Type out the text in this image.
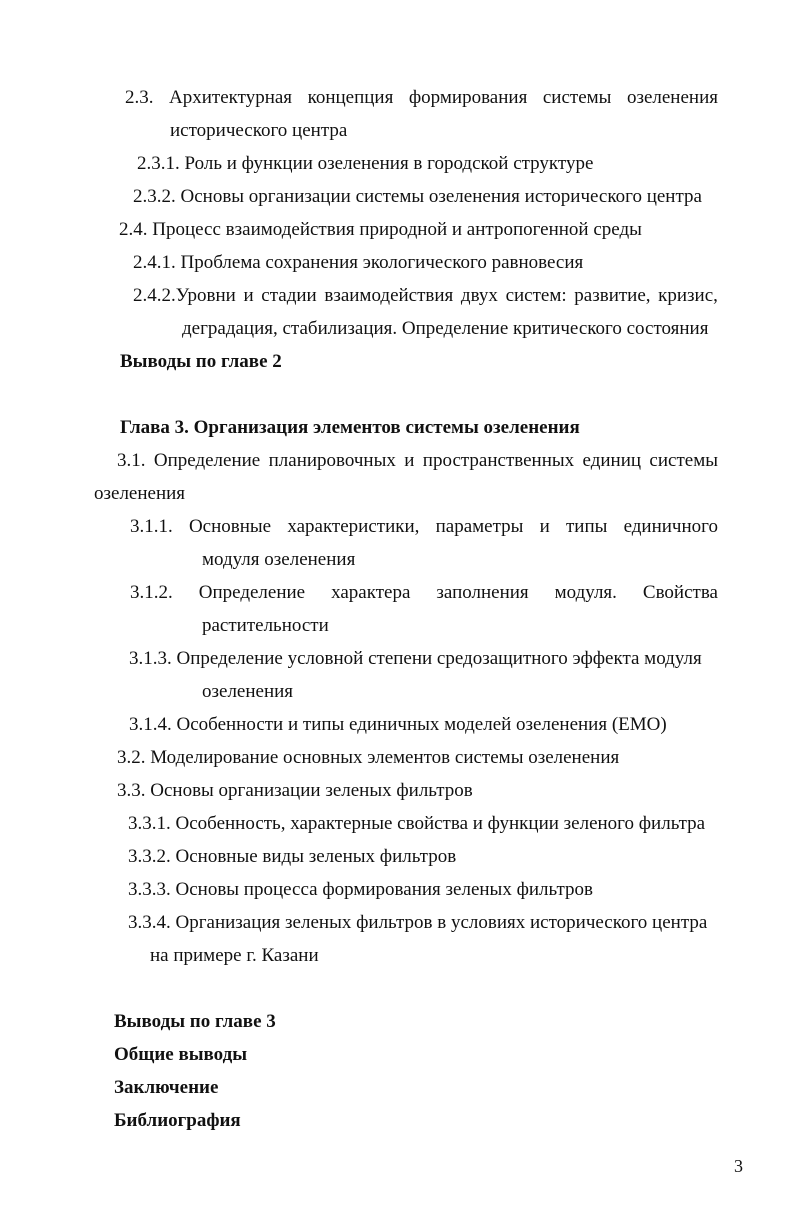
2.3. Архитектурная концепция формирования системы озеленения
исторического центра
2.3.1. Роль и функции озеленения в городской структуре
2.3.2. Основы организации системы озеленения исторического центра
2.4. Процесс взаимодействия природной и антропогенной среды
2.4.1. Проблема сохранения экологического равновесия
2.4.2.Уровни и стадии взаимодействия двух систем: развитие, кризис,
деградация, стабилизация. Определение критического состояния
Выводы по главе 2
Глава 3. Организация элементов системы озеленения
3.1. Определение планировочных и пространственных единиц системы
озеленения
3.1.1. Основные характеристики, параметры и типы единичного
модуля озеленения
3.1.2. Определение характера заполнения модуля. Свойства
растительности
3.1.3. Определение условной степени средозащитного эффекта модуля
озеленения
3.1.4. Особенности и типы единичных моделей озеленения (ЕМО)
3.2. Моделирование основных элементов системы озеленения
3.3. Основы организации зеленых фильтров
3.3.1. Особенность, характерные свойства и функции зеленого фильтра
3.3.2. Основные виды зеленых фильтров
3.3.3. Основы процесса формирования зеленых фильтров
3.3.4. Организация зеленых фильтров в условиях исторического центра
на примере г. Казани
Выводы по главе 3
Общие выводы
Заключение
Библиография
3
